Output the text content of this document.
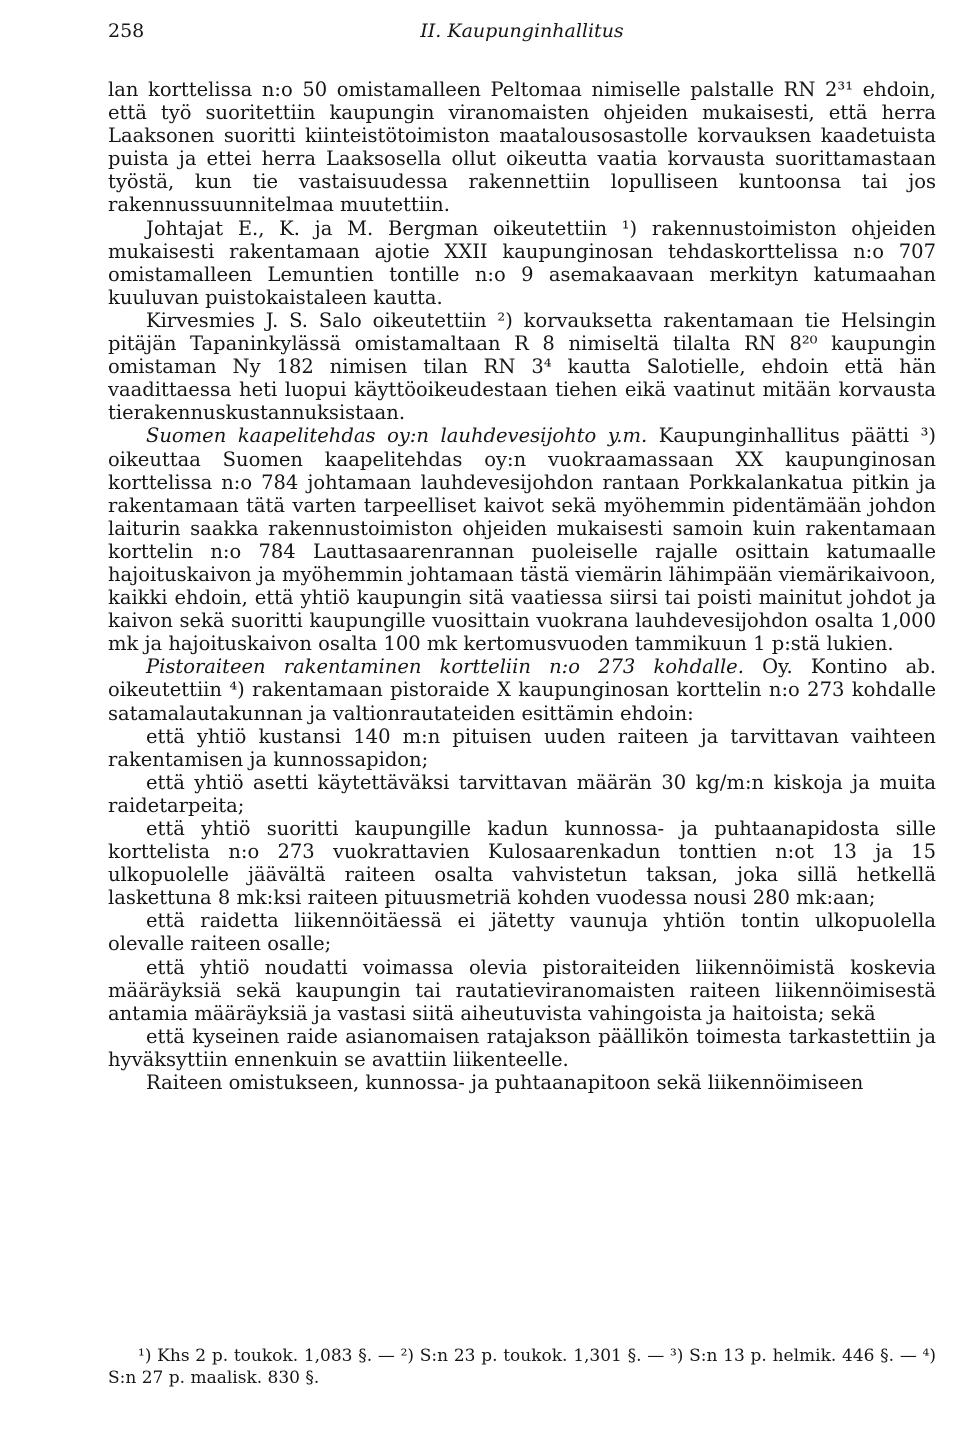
258	II. Kaupunginhallitus

lan korttelissa n:o 50 omistamalleen Peltomaa nimiselle palstalle RN 2³¹ ehdoin, että työ suoritettiin kaupungin viranomaisten ohjeiden mukaisesti, että herra Laaksonen suoritti kiinteistötoimiston maatalousosastolle korvauksen kaadetuista puista ja ettei herra Laaksosella ollut oikeutta vaatia korvausta suorittamastaan työstä, kun tie vastaisuudessa rakennettiin lopulliseen kuntoonsa tai jos rakennussuunnitelmaa muutettiin.

Johtajat E., K. ja M. Bergman oikeutettiin ¹) rakennustoimiston ohjeiden mukaisesti rakentamaan ajotie XXII kaupunginosan tehdaskorttelissa n:o 707 omistamalleen Lemuntien tontille n:o 9 asemakaavaan merkityn katumaahan kuuluvan puistokaistaleen kautta.

Kirvesmies J. S. Salo oikeutettiin ²) korvauksetta rakentamaan tie Helsingin pitäjän Tapaninkylässä omistamaltaan R 8 nimiseltä tilalta RN 8²⁰ kaupungin omistaman Ny 182 nimisen tilan RN 3⁴ kautta Salotielle, ehdoin että hän vaadittaessa heti luopui käyttöoikeudestaan tiehen eikä vaatinut mitään korvausta tierakennuskustannuksistaan.

Suomen kaapelitehdas oy:n lauhdevesijohto y.m. Kaupunginhallitus päätti ³) oikeuttaa Suomen kaapelitehdas oy:n vuokraamassaan XX kaupunginosan korttelissa n:o 784 johtamaan lauhdevesijohdon rantaan Porkkalankatua pitkin ja rakentamaan tätä varten tarpeelliset kaivot sekä myöhemmin pidentämään johdon laiturin saakka rakennustoimiston ohjeiden mukaisesti samoin kuin rakentamaan korttelin n:o 784 Lauttasaarenrannan puoleiselle rajalle osittain katumaalle hajoituskaivon ja myöhemmin johtamaan tästä viemärin lähimpään viemärikaivoon, kaikki ehdoin, että yhtiö kaupungin sitä vaatiessa siirsi tai poisti mainitut johdot ja kaivon sekä suoritti kaupungille vuosittain vuokrana lauhdevesijohdon osalta 1,000 mk ja hajoituskaivon osalta 100 mk kertomusvuoden tammikuun 1 p:stä lukien.

Pistoraiteen rakentaminen kortteliin n:o 273 kohdalle. Oy. Kontino ab. oikeutettiin ⁴) rakentamaan pistoraide X kaupunginosan korttelin n:o 273 kohdalle satamalautakunnan ja valtionrautateiden esittämin ehdoin:

että yhtiö kustansi 140 m:n pituisen uuden raiteen ja tarvittavan vaihteen rakentamisen ja kunnossapidon;

että yhtiö asetti käytettäväksi tarvittavan määrän 30 kg/m:n kiskoja ja muita raidetarpeita;

että yhtiö suoritti kaupungille kadun kunnossa- ja puhtaanapidosta sille korttelista n:o 273 vuokrattavien Kulosaarenkadun tonttien n:ot 13 ja 15 ulkopuolelle jäävältä raiteen osalta vahvistetun taksan, joka sillä hetkellä laskettuna 8 mk:ksi raiteen pituusmetriä kohden vuodessa nousi 280 mk:aan;

että raidetta liikennöitäessä ei jätetty vaunuja yhtiön tontin ulkopuolella olevalle raiteen osalle;

että yhtiö noudatti voimassa olevia pistoraiteiden liikennöimistä koskevia määräyksiä sekä kaupungin tai rautatieviranomaisten raiteen liikennöimisestä antamia määräyksiä ja vastasi siitä aiheutuvista vahingoista ja haitoista; sekä

että kyseinen raide asianomaisen ratajakson päällikön toimesta tarkastettiin ja hyväksyttiin ennenkuin se avattiin liikenteelle.

Raiteen omistukseen, kunnossa- ja puhtaanapitoon sekä liikennöimiseen

¹) Khs 2 p. toukok. 1,083 §. — ²) S:n 23 p. toukok. 1,301 §. — ³) S:n 13 p. helmik. 446 §. — ⁴) S:n 27 p. maalisk. 830 §.
